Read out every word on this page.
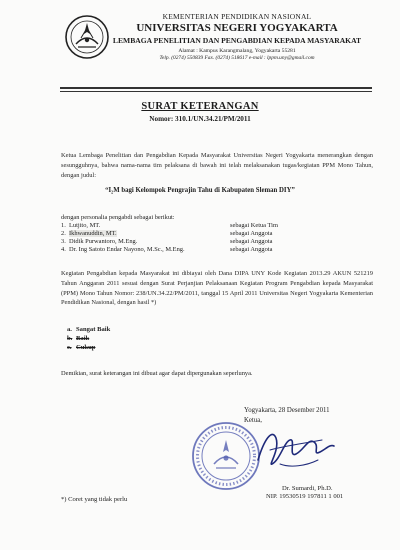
KEMENTERIAN PENDIDIKAN NASIONAL
UNIVERSITAS NEGERI YOGYAKARTA
LEMBAGA PENELITIAN DAN PENGABDIAN KEPADA MASYARAKAT
Alamat : Kampus Karangmalang, Yogyakarta 55281
Telp. (0274) 550839 Fax. (0274) 518617 e-mail : lppm.uny@gmail.com
SURAT KETERANGAN
Nomor: 310.1/UN.34.21/PM/2011
Ketua Lembaga Penelitian dan Pengabdian Kepada Masyarakat Universitas Negeri Yogyakarta menerangkan dengan sesungguhnya, bahwa nama-nama tim pelaksana di bawah ini telah melaksanakan tugas/kegiatan PPM Mono Tahun, dengan judul:
“I₂M bagi Kelompok Pengrajin Tahu di Kabupaten Sleman DIY”
dengan personalia pengabdi sebagai berikut:
1. Lutjito, MT.	sebagai Ketua Tim
2. Ikhwanuddin, MT.	sebagai Anggota
3. Didik Purwantoro, M.Eng.	sebagai Anggota
4. Dr. Ing Satoto Endar Nayono, M.Sc., M.Eng.	sebagai Anggota
Kegiatan Pengabdian kepada Masyarakat ini dibiayai oleh Dana DIPA UNY Kode Kegiatan 2013.29 AKUN 521219 Tahun Anggaran 2011 sesuai dengan Surat Perjanjian Pelaksanaan Kegiatan Program Pengabdian kepada Masyarakat (PPM) Mono Tahun Nomor: 238/UN.34.22/PM/2011, tanggal 15 April 2011 Universitas Negeri Yogyakarta Kementerian Pendidikan Nasional, dengan hasil *)
a. Sangat Baik
b. Baik
c. Cukup
Demikian, surat keterangan ini dibuat agar dapat dipergunakan seperlunya.
Yogyakarta, 28 Desember 2011
Ketua,
Dr. Sumardi, Ph.D.
NIP. 19530519 197811 1 001
*) Coret yang tidak perlu
